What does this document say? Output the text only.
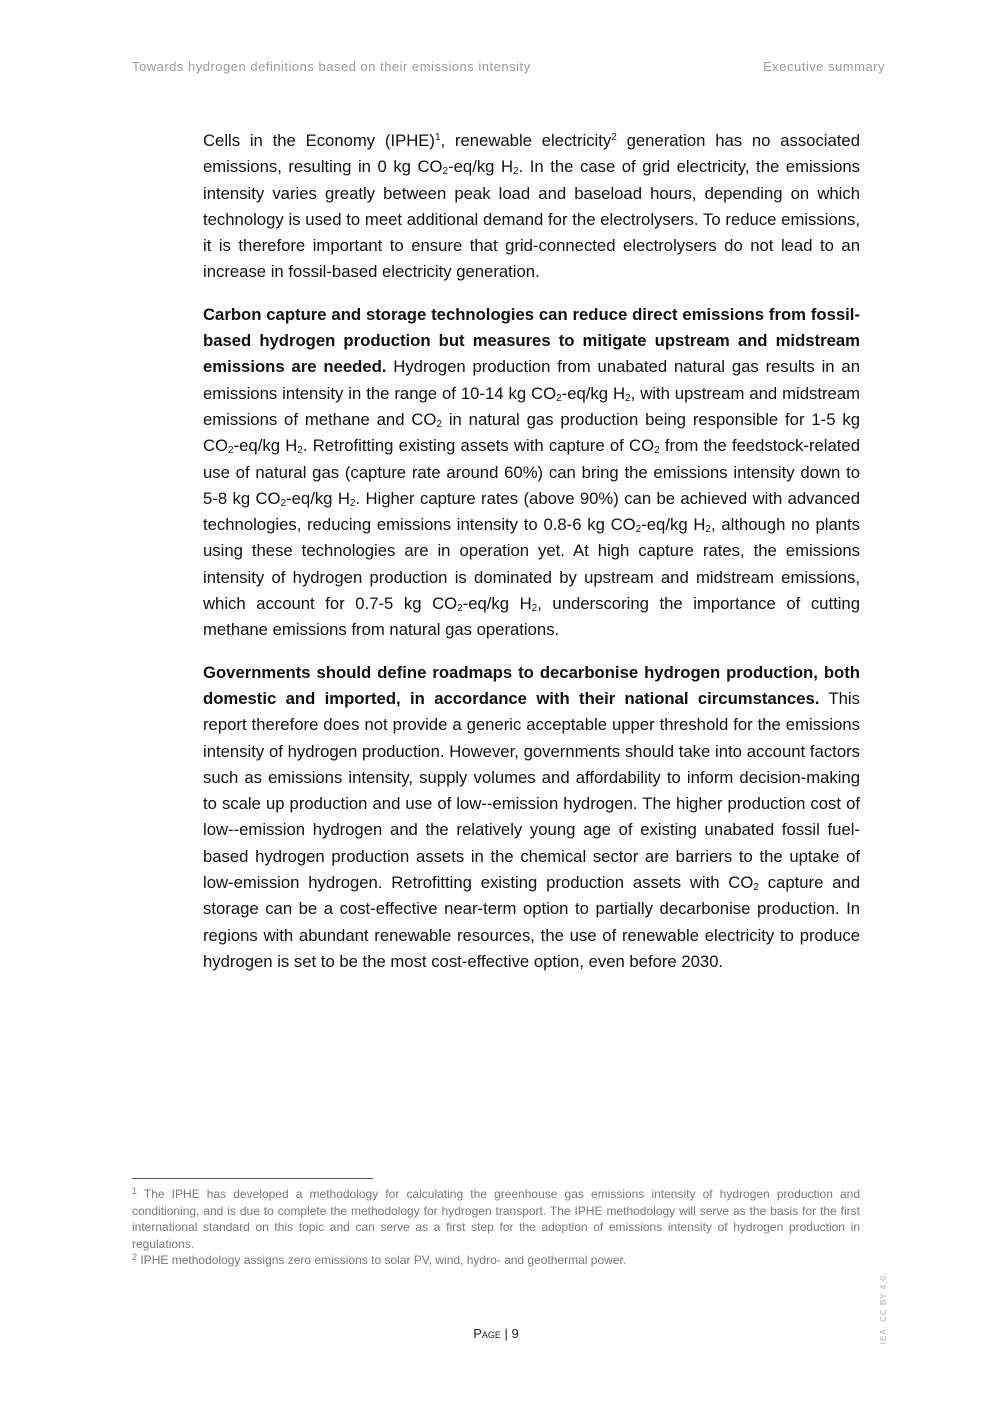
Towards hydrogen definitions based on their emissions intensity	Executive summary

Cells in the Economy (IPHE)$^1$, renewable electricity$^2$ generation has no associated emissions, resulting in 0 kg $CO_2-eq/kg$ $H_2$. In the case of grid electricity, the emissions intensity varies greatly between peak load and baseload hours, depending on which technology is used to meet additional demand for the electrolysers. To reduce emissions, it is therefore important to ensure that grid-connected electrolysers do not lead to an increase in fossil-based electricity generation.

Carbon capture and storage technologies can reduce direct emissions from fossil-based hydrogen production but measures to mitigate upstream and midstream emissions are needed. Hydrogen production from unabated natural gas results in an emissions intensity in the range of 10-14 kg $CO_2-eq/kg$ $H_2$, with upstream and midstream emissions of methane and $CO_2$ in natural gas production being responsible for 1-5 kg $CO_2-eq/kg$ $H_2$. Retrofitting existing assets with capture of $CO_2$ from the feedstock-related use of natural gas (capture rate around 60%) can bring the emissions intensity down to 5-8 kg $CO_2-eq/kg$ $H_2$. Higher capture rates (above 90%) can be achieved with advanced technologies, reducing emissions intensity to 0.8-6 kg $CO_2-eq/kg$ $H_2$, although no plants using these technologies are in operation yet. At high capture rates, the emissions intensity of hydrogen production is dominated by upstream and midstream emissions, which account for 0.7-5 kg $CO_2-eq/kg$ $H_2$, underscoring the importance of cutting methane emissions from natural gas operations.

Governments should define roadmaps to decarbonise hydrogen production, both domestic and imported, in accordance with their national circumstances. This report therefore does not provide a generic acceptable upper threshold for the emissions intensity of hydrogen production. However, governments should take into account factors such as emissions intensity, supply volumes and affordability to inform decision-making to scale up production and use of low--emission hydrogen. The higher production cost of low--emission hydrogen and the relatively young age of existing unabated fossil fuel-based hydrogen production assets in the chemical sector are barriers to the uptake of low-emission hydrogen. Retrofitting existing production assets with $CO_2$ capture and storage can be a cost-effective near-term option to partially decarbonise production. In regions with abundant renewable resources, the use of renewable electricity to produce hydrogen is set to be the most cost-effective option, even before 2030.

$^1$ The IPHE has developed a methodology for calculating the greenhouse gas emissions intensity of hydrogen production and conditioning, and is due to complete the methodology for hydrogen transport. The IPHE methodology will serve as the basis for the first international standard on this topic and can serve as a first step for the adoption of emissions intensity of hydrogen production in regulations.

$^2$ IPHE methodology assigns zero emissions to solar PV, wind, hydro- and geothermal power.

Page | 9	IEA. CC BY 4.0.
